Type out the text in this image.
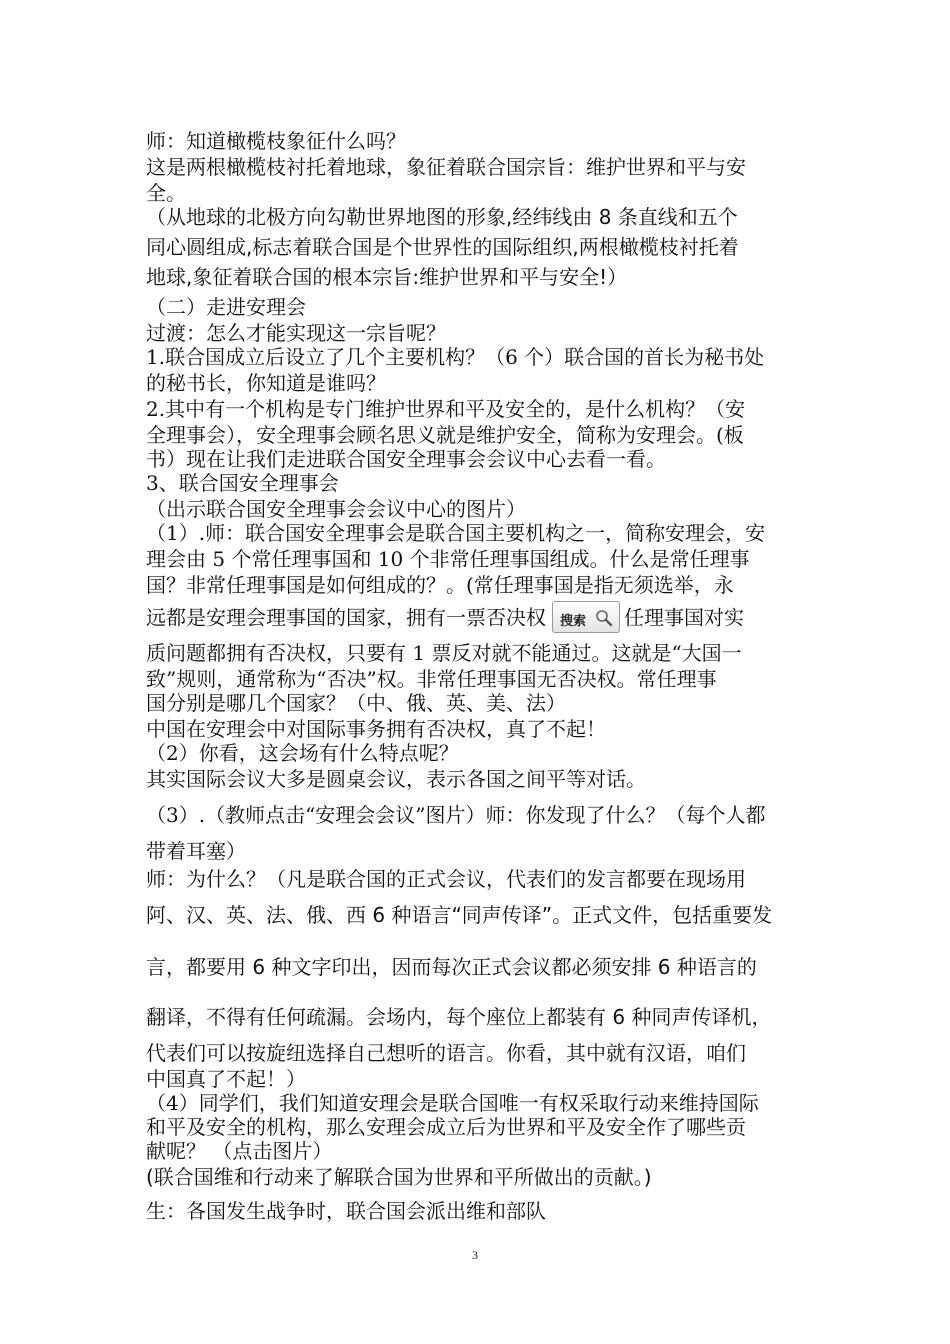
师：知道橄榄枝象征什么吗？
这是两根橄榄枝衬托着地球，象征着联合国宗旨：维护世界和平与安
全。
（从地球的北极方向勾勒世界地图的形象,经纬线由 8 条直线和五个
同心圆组成,标志着联合国是个世界性的国际组织,两根橄榄枝衬托着
地球,象征着联合国的根本宗旨:维护世界和平与安全!）
（二）走进安理会
过渡：怎么才能实现这一宗旨呢？
1.联合国成立后设立了几个主要机构？（6 个）联合国的首长为秘书处
的秘书长，你知道是谁吗？
2.其中有一个机构是专门维护世界和平及安全的，是什么机构？（安
全理事会），安全理事会顾名思义就是维护安全，简称为安理会。(板
书）现在让我们走进联合国安全理事会会议中心去看一看。
3、联合国安全理事会
（出示联合国安全理事会会议中心的图片）
（1）.师：联合国安全理事会是联合国主要机构之一，简称安理会，安
理会由 5 个常任理事国和 10 个非常任理事国组成。什么是常任理事
国？非常任理事国是如何组成的？。(常任理事国是指无须选举，永
远都是安理会理事国的国家，拥有一票否决权 搜索 任理事国对实
质问题都拥有否决权，只要有 1 票反对就不能通过。这就是“大国一
致”规则，通常称为“否决”权。非常任理事国无否决权。常任理事
国分别是哪几个国家？（中、俄、英、美、法）
中国在安理会中对国际事务拥有否决权，真了不起！
（2）你看，这会场有什么特点呢？
其实国际会议大多是圆桌会议，表示各国之间平等对话。
（3）.（教师点击“安理会会议”图片）师：你发现了什么？（每个人都
带着耳塞）
师：为什么？（凡是联合国的正式会议，代表们的发言都要在现场用
阿、汉、英、法、俄、西 6 种语言“同声传译”。正式文件，包括重要发
言，都要用 6 种文字印出，因而每次正式会议都必须安排 6 种语言的
翻译，不得有任何疏漏。会场内，每个座位上都装有 6 种同声传译机，
代表们可以按旋纽选择自己想听的语言。你看，其中就有汉语，咱们
中国真了不起！）
（4）同学们，我们知道安理会是联合国唯一有权采取行动来维持国际
和平及安全的机构，那么安理会成立后为世界和平及安全作了哪些贡
献呢？ （点击图片）
(联合国维和行动来了解联合国为世界和平所做出的贡献。)
生：各国发生战争时，联合国会派出维和部队
3
